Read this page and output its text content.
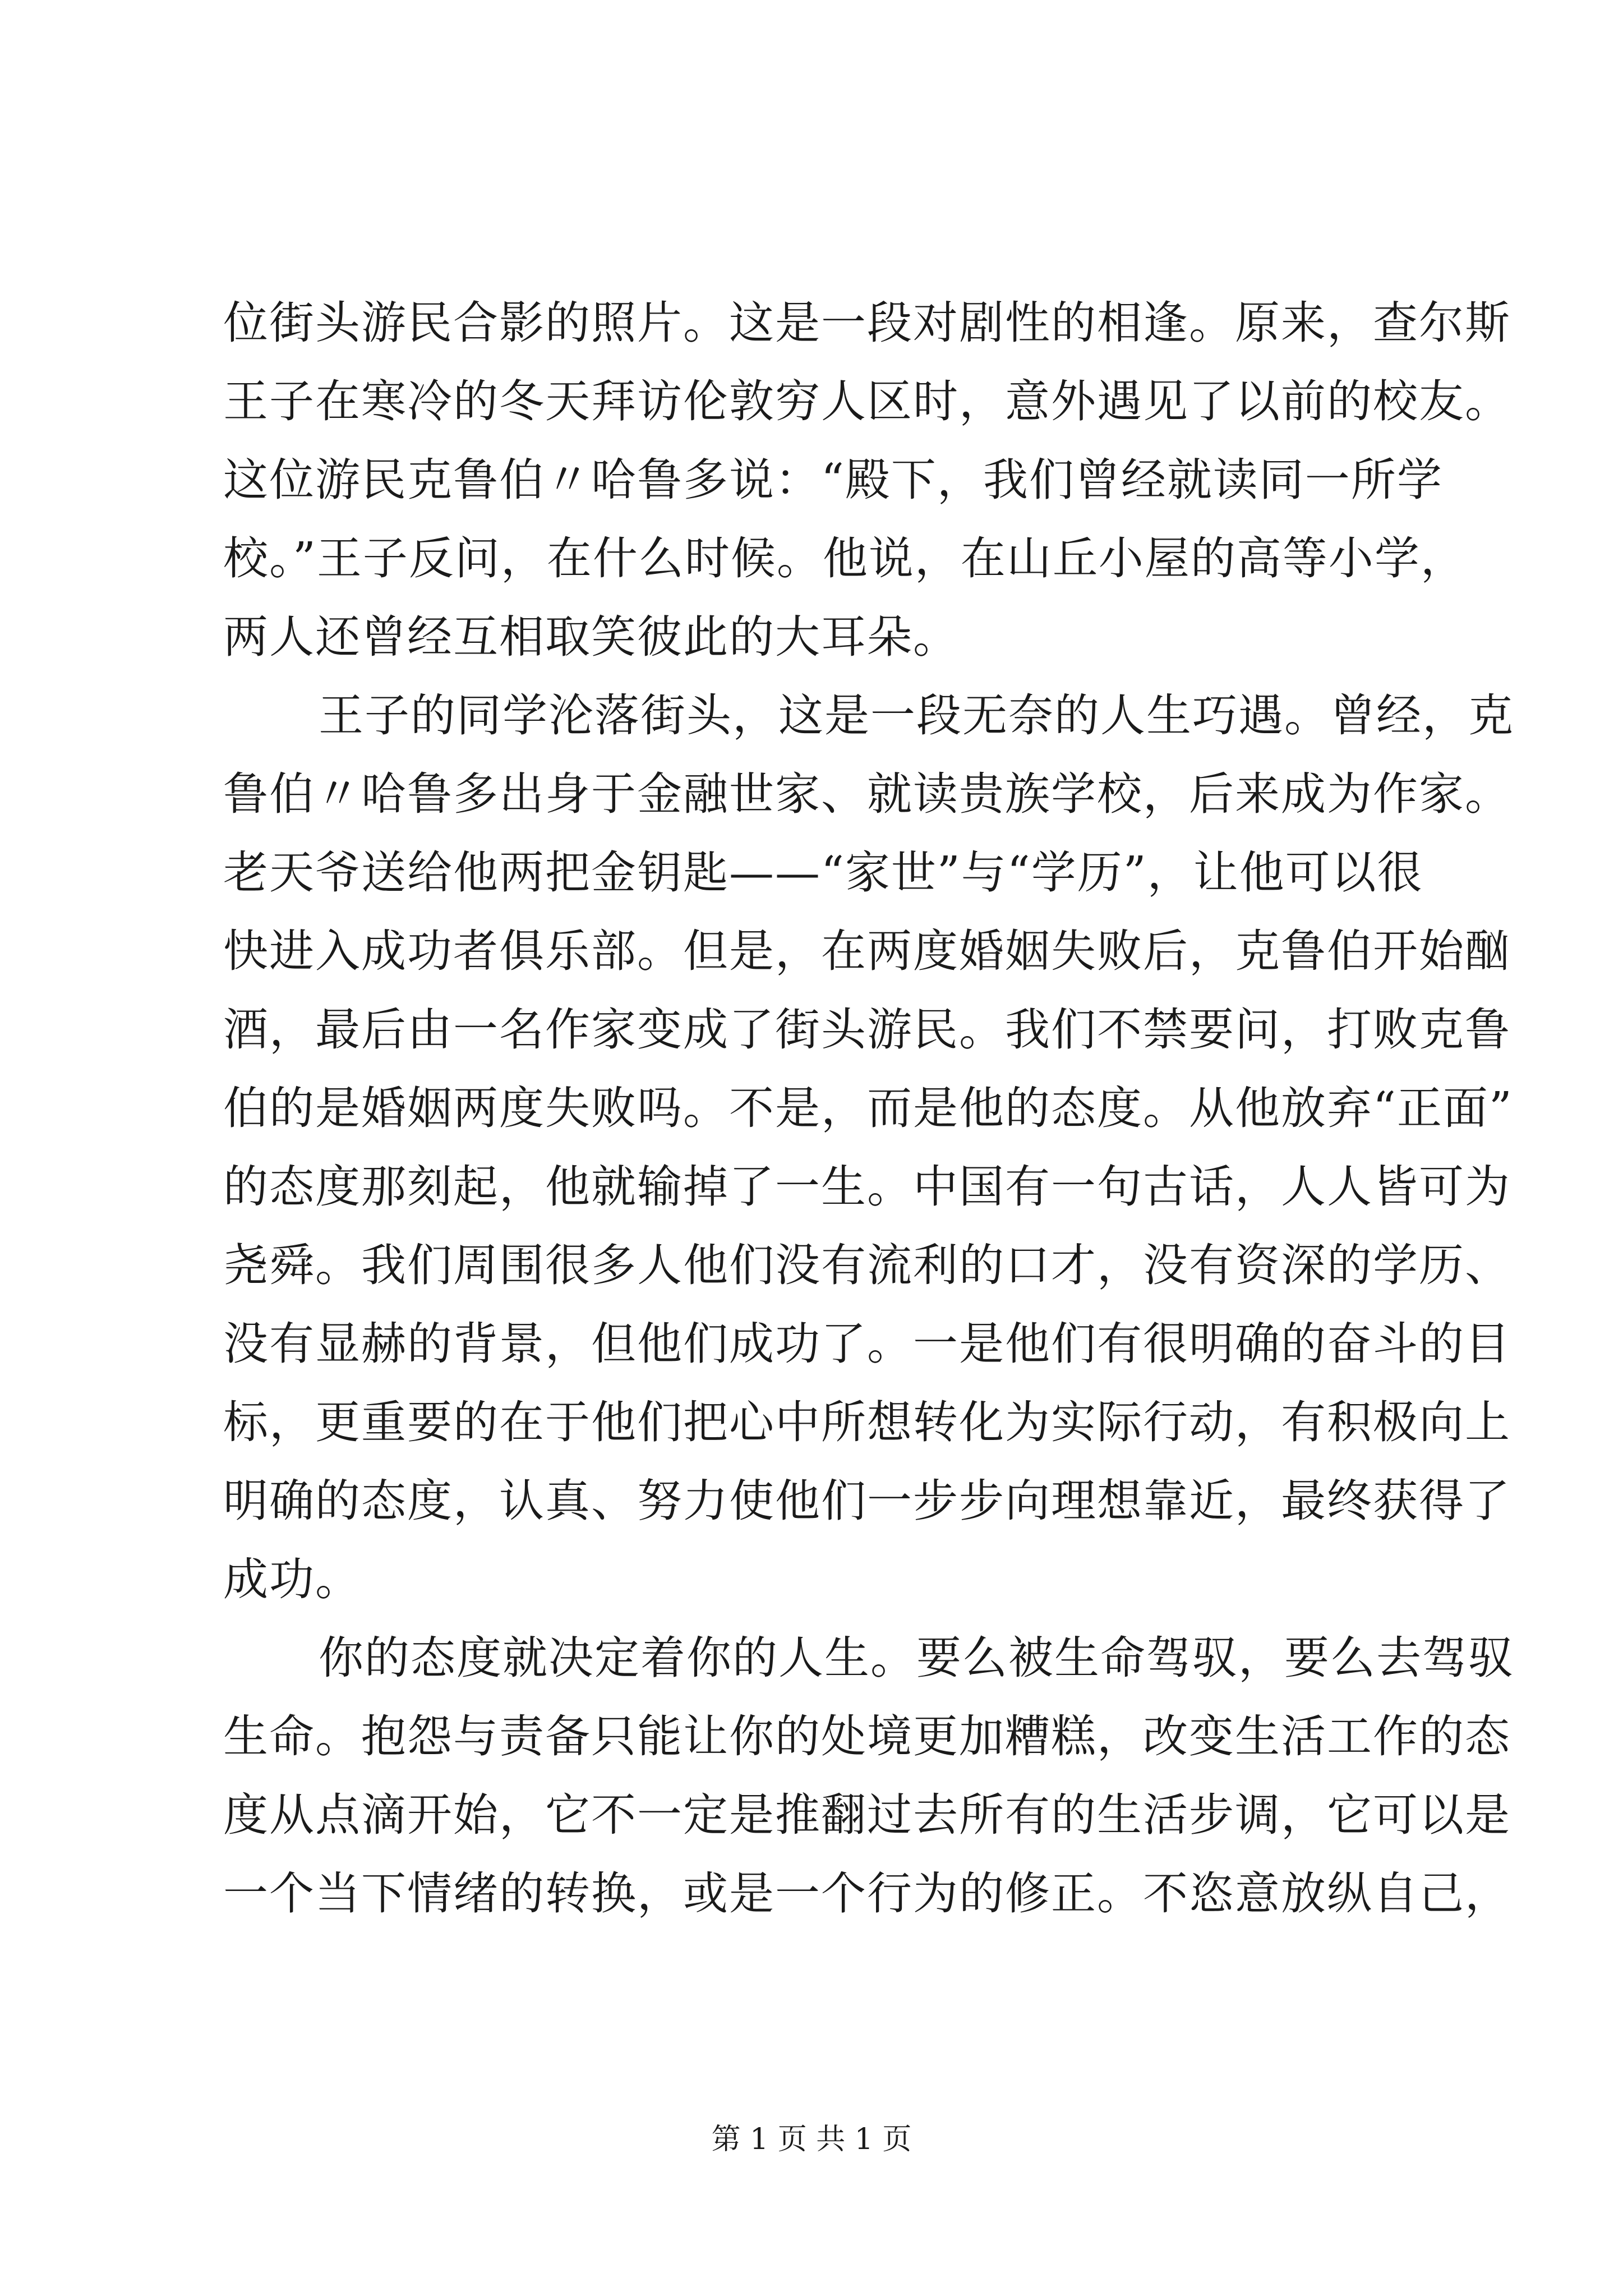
位街头游民合影的照片。这是一段对剧性的相逢。原来，查尔斯
王子在寒冷的冬天拜访伦敦穷人区时，意外遇见了以前的校友。
这位游民克鲁伯〃哈鲁多说：“殿下，我们曾经就读同一所学
校。”王子反问，在什么时候。他说，在山丘小屋的高等小学，
两人还曾经互相取笑彼此的大耳朵。
王子的同学沦落街头，这是一段无奈的人生巧遇。曾经，克
鲁伯〃哈鲁多出身于金融世家、就读贵族学校，后来成为作家。
老天爷送给他两把金钥匙——“家世”与“学历”，让他可以很
快进入成功者俱乐部。但是，在两度婚姻失败后，克鲁伯开始酗
酒，最后由一名作家变成了街头游民。我们不禁要问，打败克鲁
伯的是婚姻两度失败吗。不是，而是他的态度。从他放弃“正面”
的态度那刻起，他就输掉了一生。中国有一句古话，人人皆可为
尧舜。我们周围很多人他们没有流利的口才，没有资深的学历、
没有显赫的背景，但他们成功了。一是他们有很明确的奋斗的目
标，更重要的在于他们把心中所想转化为实际行动，有积极向上
明确的态度，认真、努力使他们一步步向理想靠近，最终获得了
成功。
你的态度就决定着你的人生。要么被生命驾驭，要么去驾驭
生命。抱怨与责备只能让你的处境更加糟糕，改变生活工作的态
度从点滴开始，它不一定是推翻过去所有的生活步调，它可以是
一个当下情绪的转换，或是一个行为的修正。不恣意放纵自己，
第 1 页 共 1 页
